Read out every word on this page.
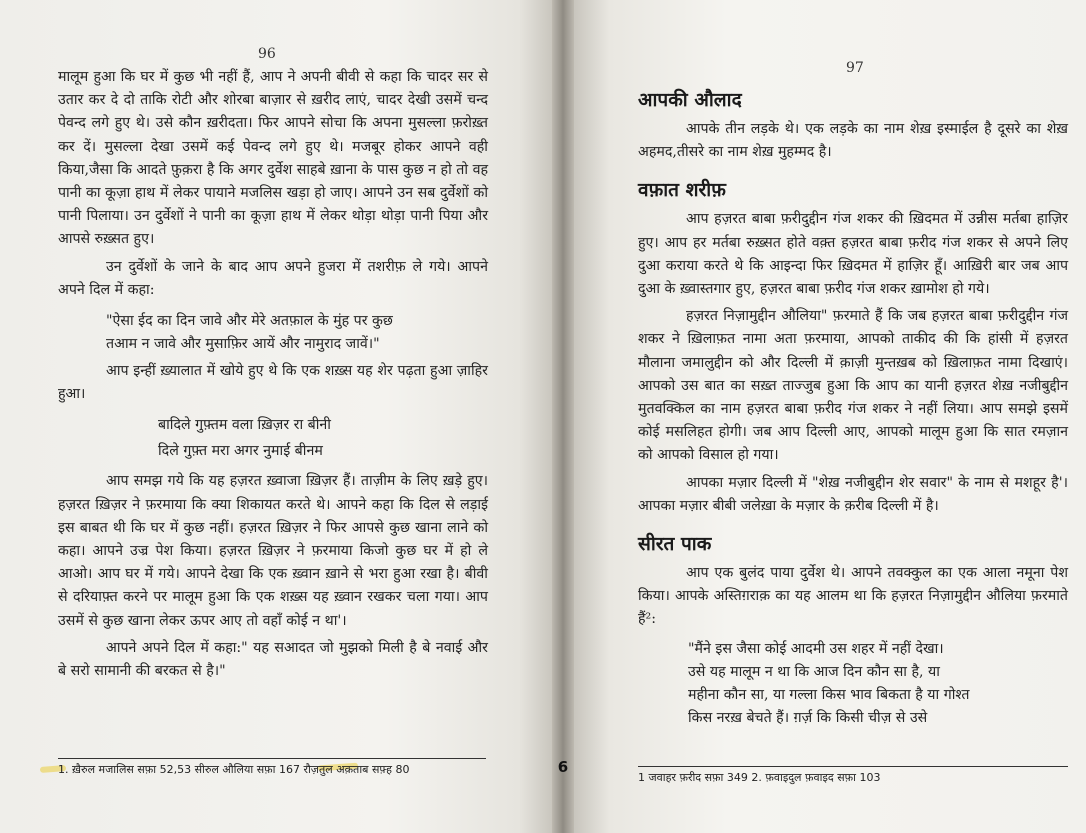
96

मालूम हुआ कि घर में कुछ भी नहीं हैं, आप ने अपनी बीवी से कहा कि चादर सर से उतार कर दे दो ताकि रोटी और शोरबा बाज़ार से ख़रीद लाएं, चादर देखी उसमें चन्द पेवन्द लगे हुए थे। उसे कौन ख़रीदता। फिर आपने सोचा कि अपना मुसल्ला फ़रोख़्त कर दें। मुसल्ला देखा उसमें कई पेवन्द लगे हुए थे। मजबूर होकर आपने वही किया,जैसा कि आदते फ़ुक़रा है कि अगर दुर्वेश साहबे ख़ाना के पास कुछ न हो तो वह पानी का कूज़ा हाथ में लेकर पायाने मजलिस खड़ा हो जाए। आपने उन सब दुर्वेशों को पानी पिलाया। उन दुर्वेशों ने पानी का कूज़ा हाथ में लेकर थोड़ा थोड़ा पानी पिया और आपसे रुख़्सत हुए।

उन दुर्वेशों के जाने के बाद आप अपने हुजरा में तशरीफ़ ले गये। आपने अपने दिल में कहा:

"ऐसा ईद का दिन जावे और मेरे अतफ़ाल के मुंह पर कुछ
तआम न जावे और मुसाफ़िर आयें और नामुराद जावें।"

आप इन्हीं ख़्यालात में खोये हुए थे कि एक शख़्स यह शेर पढ़ता हुआ ज़ाहिर हुआ।

बादिले गुफ़्तम वला ख़िज़र रा बीनी
दिले गुफ़्त मरा अगर नुमाई बीनम

आप समझ गये कि यह हज़रत ख़्वाजा ख़िज़र हैं। ताज़ीम के लिए ख़ड़े हुए। हज़रत ख़िज़र ने फ़रमाया कि क्या शिकायत करते थे। आपने कहा कि दिल से लड़ाई इस बाबत थी कि घर में कुछ नहीं। हज़रत ख़िज़र ने फिर आपसे कुछ खाना लाने को कहा। आपने उज्र पेश किया। हज़रत ख़िज़र ने फ़रमाया किजो कुछ घर में हो ले आओ। आप घर में गये। आपने देखा कि एक ख़्वान ख़ाने से भरा हुआ रखा है। बीवी से दरियाफ़्त करने पर मालूम हुआ कि एक शख़्स यह ख़्वान रखकर चला गया। आप उसमें से कुछ खाना लेकर ऊपर आए तो वहाँ कोई न था'।

आपने अपने दिल में कहा:" यह सआदत जो मुझको मिली है बे नवाई और बे सरो सामानी की बरकत से है।"

1. ख़ैरुल मजालिस सफ़ा 52,53 सीरुल औलिया सफ़ा 167 रौज़तुल अक़ताब सफ़्ह 80	6
97
आपकी औलाद

आपके तीन लड़के थे। एक लड़के का नाम शेख़ इस्माईल है दूसरे का शेख़ अहमद,तीसरे का नाम शेख़ मुहम्मद है।

वफ़ात शरीफ़

आप हज़रत बाबा फ़रीदुद्दीन गंज शकर की ख़िदमत में उन्नीस मर्तबा हाज़िर हुए। आप हर मर्तबा रुख़्सत होते वक़्त हज़रत बाबा फ़रीद गंज शकर से अपने लिए दुआ कराया करते थे कि आइन्दा फिर ख़िदमत में हाज़िर हूँ। आख़िरी बार जब आप दुआ के ख़्वास्तगार हुए, हज़रत बाबा फ़रीद गंज शकर ख़ामोश हो गये।

हज़रत निज़ामुद्दीन औलिया" फ़रमाते हैं कि जब हज़रत बाबा फ़रीदुद्दीन गंज शकर ने ख़िलाफ़त नामा अता फ़रमाया, आपको ताकीद की कि हांसी में हज़रत मौलाना जमालुद्दीन को और दिल्ली में क़ाज़ी मुन्तख़ब को ख़िलाफ़त नामा दिखाएं। आपको उस बात का सख़्त ताज्जुब हुआ कि आप का यानी हज़रत शेख़ नजीबुद्दीन मुतवक्किल का नाम हज़रत बाबा फ़रीद गंज शकर ने नहीं लिया। आप समझे इसमें कोई मसलिहत होगी। जब आप दिल्ली आए, आपको मालूम हुआ कि सात रमज़ान को आपको विसाल हो गया।

आपका मज़ार दिल्ली में "शेख़ नजीबुद्दीन शेर सवार" के नाम से मशहूर है'। आपका मज़ार बीबी जलेख़ा के मज़ार के क़रीब दिल्ली में है।

सीरत पाक

आप एक बुलंद पाया दुर्वेश थे। आपने तवक्कुल का एक आला नमूना पेश किया। आपके अस्तिग़राक़ का यह आलम था कि हज़रत निज़ामुद्दीन औलिया फ़रमाते हैं²:

"मैंने इस जैसा कोई आदमी उस शहर में नहीं देखा।
उसे यह मालूम न था कि आज दिन कौन सा है, या
महीना कौन सा, या गल्ला किस भाव बिकता है या गोश्त
किस नरख़ बेचते हैं। ग़र्ज़ कि किसी चीज़ से उसे
1 जवाहर फ़रीद सफ़ा 349 2. फ़वाइदुल फ़वाइद सफ़ा 103
